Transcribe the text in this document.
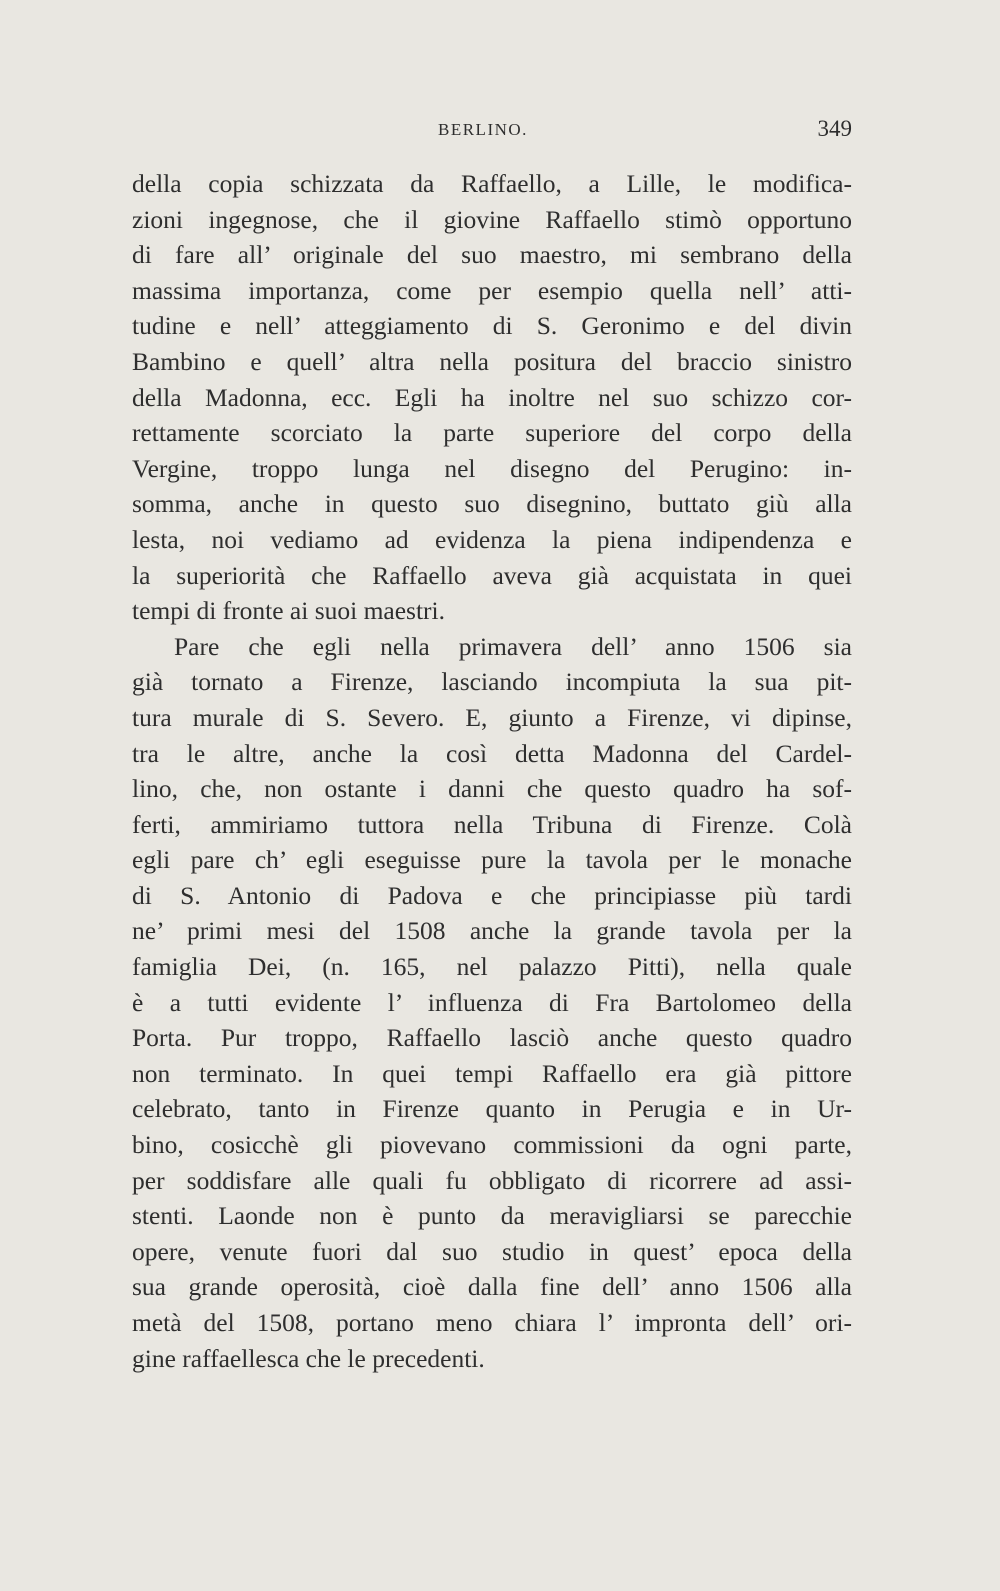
BERLINO.	349
della copia schizzata da Raffaello, a Lille, le modifica-
zioni ingegnose, che il giovine Raffaello stimò opportuno
di fare all’ originale del suo maestro, mi sembrano della
massima importanza, come per esempio quella nell’ atti-
tudine e nell’ atteggiamento di S. Geronimo e del divin
Bambino e quell’ altra nella positura del braccio sinistro
della Madonna, ecc. Egli ha inoltre nel suo schizzo cor-
rettamente scorciato la parte superiore del corpo della
Vergine, troppo lunga nel disegno del Perugino: in-
somma, anche in questo suo disegnino, buttato giù alla
lesta, noi vediamo ad evidenza la piena indipendenza e
la superiorità che Raffaello aveva già acquistata in quei
tempi di fronte ai suoi maestri.
Pare che egli nella primavera dell’ anno 1506 sia
già tornato a Firenze, lasciando incompiuta la sua pit-
tura murale di S. Severo. E, giunto a Firenze, vi dipinse,
tra le altre, anche la così detta Madonna del Cardel-
lino, che, non ostante i danni che questo quadro ha sof-
ferti, ammiriamo tuttora nella Tribuna di Firenze. Colà
egli pare ch’ egli eseguisse pure la tavola per le monache
di S. Antonio di Padova e che principiasse più tardi
ne’ primi mesi del 1508 anche la grande tavola per la
famiglia Dei, (n. 165, nel palazzo Pitti), nella quale
è a tutti evidente l’ influenza di Fra Bartolomeo della
Porta. Pur troppo, Raffaello lasciò anche questo quadro
non terminato. In quei tempi Raffaello era già pittore
celebrato, tanto in Firenze quanto in Perugia e in Ur-
bino, cosicchè gli piovevano commissioni da ogni parte,
per soddisfare alle quali fu obbligato di ricorrere ad assi-
stenti. Laonde non è punto da meravigliarsi se parecchie
opere, venute fuori dal suo studio in quest’ epoca della
sua grande operosità, cioè dalla fine dell’ anno 1506 alla
metà del 1508, portano meno chiara l’ impronta dell’ ori-
gine raffaellesca che le precedenti.
